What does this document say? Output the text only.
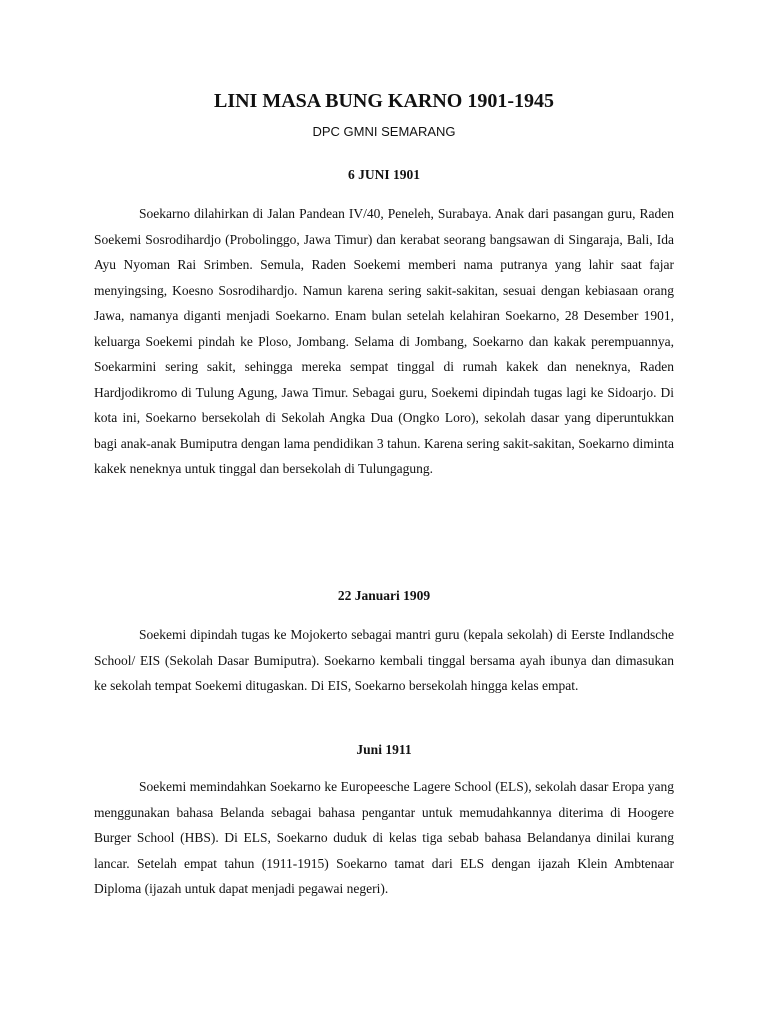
LINI MASA BUNG KARNO 1901-1945
DPC GMNI SEMARANG
6 JUNI 1901

Soekarno dilahirkan di Jalan Pandean IV/40, Peneleh, Surabaya. Anak dari pasangan guru, Raden Soekemi Sosrodihardjo (Probolinggo, Jawa Timur) dan kerabat seorang bangsawan di Singaraja, Bali, Ida Ayu Nyoman Rai Srimben. Semula, Raden Soekemi memberi nama putranya yang lahir saat fajar menyingsing, Koesno Sosrodihardjo. Namun karena sering sakit-sakitan, sesuai dengan kebiasaan orang Jawa, namanya diganti menjadi Soekarno. Enam bulan setelah kelahiran Soekarno, 28 Desember 1901, keluarga Soekemi pindah ke Ploso, Jombang. Selama di Jombang, Soekarno dan kakak perempuannya, Soekarmini sering sakit, sehingga mereka sempat tinggal di rumah kakek dan neneknya, Raden Hardjodikromo di Tulung Agung, Jawa Timur. Sebagai guru, Soekemi dipindah tugas lagi ke Sidoarjo. Di kota ini, Soekarno bersekolah di Sekolah Angka Dua (Ongko Loro), sekolah dasar yang diperuntukkan bagi anak-anak Bumiputra dengan lama pendidikan 3 tahun. Karena sering sakit-sakitan, Soekarno diminta kakek neneknya untuk tinggal dan bersekolah di Tulungagung.

22 Januari 1909

Soekemi dipindah tugas ke Mojokerto sebagai mantri guru (kepala sekolah) di Eerste Indlandsche School/ EIS (Sekolah Dasar Bumiputra). Soekarno kembali tinggal bersama ayah ibunya dan dimasukan ke sekolah tempat Soekemi ditugaskan. Di EIS, Soekarno bersekolah hingga kelas empat.

Juni 1911

Soekemi memindahkan Soekarno ke Europeesche Lagere School (ELS), sekolah dasar Eropa yang menggunakan bahasa Belanda sebagai bahasa pengantar untuk memudahkannya diterima di Hoogere Burger School (HBS). Di ELS, Soekarno duduk di kelas tiga sebab bahasa Belandanya dinilai kurang lancar. Setelah empat tahun (1911-1915) Soekarno tamat dari ELS dengan ijazah Klein Ambtenaar Diploma (ijazah untuk dapat menjadi pegawai negeri).
